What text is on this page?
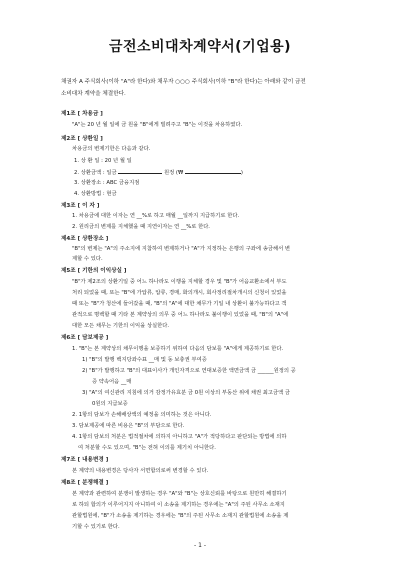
금전소비대차계약서(기업용)
채권자 A 주식회사(이하 "A"라 한다)와 채무자 ○○○ 주식회사(이하 "B"라 한다)는 아래와 같이 금전
소비대차 계약을 체결한다.
제1조 [ 차용금 ]
"A"는 20 년 월 일에 금 원을 "B"에게 빌려주고 "B"는 이것을 차용하였다.
제2조 [ 상환일 ]
차용금의 변제기한은 다음과 같다.
1. 상 환 일 : 20 년 월 일
2. 상환금액 : 일금	원정 (₩	)
3. 상환장소 : ABC 금융지점
4. 상환방법 : 현금
제3조 [ 이 자 ]
1. 차용금에 대한 이자는 연 __%로 하고 매월 __일까지 지급하기로 한다.
2. 원리금의 변제를 지체했을 때 지연이자는 연 __%로 한다.
제4조 [ 상환장소 ]
"B"의 변제는 "A"의 주소지에 지참하여 변제하거나 "A"가 지정하는 은행의 구좌에 송금해서 변
제할 수 있다.
제5조 [ 기한의 이익상실 ]
"B"가 제2조의 상환기일 중 어느 하나라도 이행을 지체할 경우 및 "B"가 어음교환소에서 부도
처리 되었을 때, 또는 "B"에 가압류, 압류, 경매, 화의개시, 회사정리절차개시의 신청이 있었을
때 또는 "B"가 청산에 들어갔을 때, "B"의 "A"에 대한 채무가 기일 내 상환이 불가능하다고 객
관적으로 명백할 때 기타 본 계약상의 의무 중 어느 하나라도 불이행이 있었을 때, "B"의 "A"에
대한 모든 채무는 기한의 이익을 상실한다.
제6조 [ 담보제공 ]
1. "B"는 본 계약상의 채무이행을 보증하기 위하여 다음의 담보를 "A"에게 제공하기로 한다.
1) "B"의 발행 백지당좌수표 __매 및 동 보충권 부여증
2) "B"가 발행하고 "B"의 대표이사가 개인자격으로 연대보증한 액면금액 금 ______원정의 공
증 약속어음 __매
3) "A"의 여신관리 지침에 의거 감정가유효분 금 0원 이상의 부동산 위에 채권 최고금액 금
0원의 지급보증
2. 1항의 담보가 손해배상액의 예정을 의미하는 것은 아니다.
3. 담보제공에 따른 비용은 "B"의 부담으로 한다.
4. 1항의 담보의 처분은 법적절차에 의하지 아니하고 "A"가 적당하다고 판단되는 방법에 의하
여 처분할 수도 있으며, "B"는 전혀 이의를 제기치 아니한다.
제7조 [ 내용변경 ]
본 계약의 내용변경은 당사자 서면합의로써 변경할 수 있다.
제8조 [ 분쟁해결 ]
본 계약과 관련하여 분쟁이 발생하는 경우 "A"와 "B"는 상호신뢰를 바탕으로 원만히 해결하기
로 하되 합의가 이루어지지 아니하여 이 소송을 제기하는 경우에는 "A"의 주된 사무소 소재지
관할법원에, "B"가 소송을 제기하는 경우에는 "B"의 주된 사무소 소재지 관할법원에 소송을 제
기할 수 있기로 한다.
- 1 -
